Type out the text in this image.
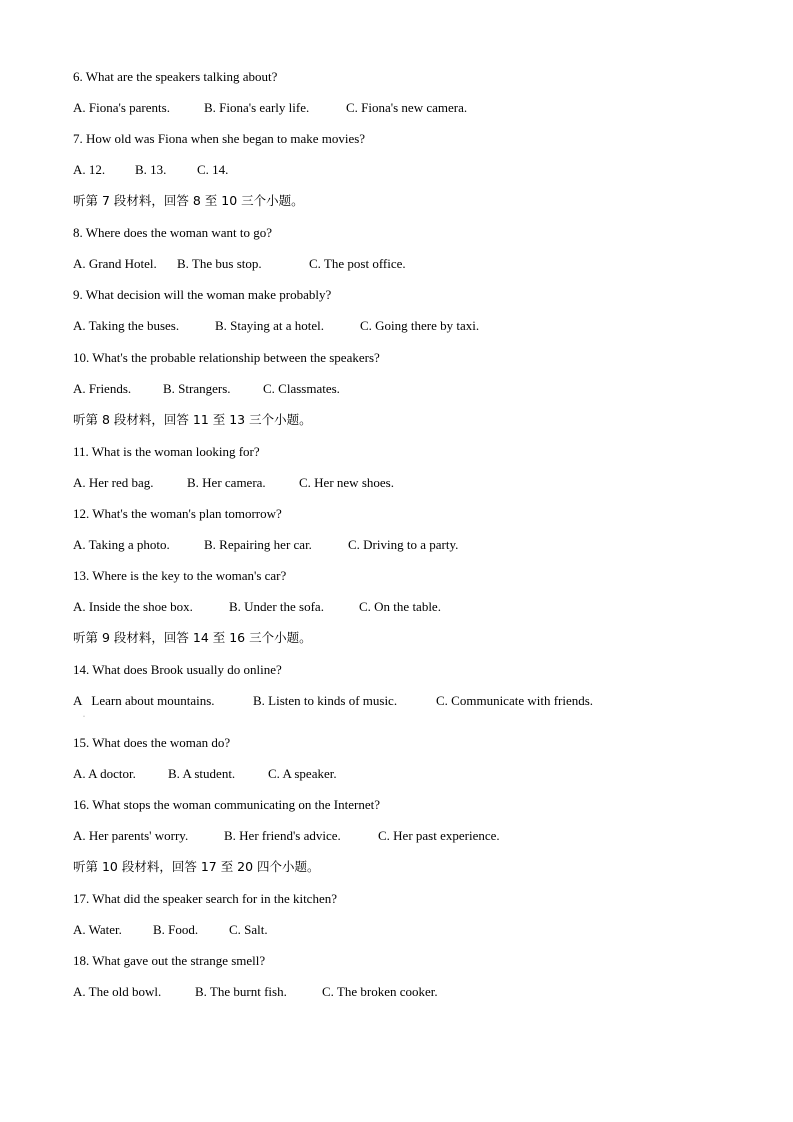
6. What are the speakers talking about?
A. Fiona's parents.	B. Fiona's early life.	C. Fiona's new camera.
7. How old was Fiona when she began to make movies?
A. 12. B. 13. C. 14.
听第 7 段材料，回答 8 至 10 三个小题。
8. Where does the woman want to go?
A. Grand Hotel. B. The bus stop.	C. The post office.
9. What decision will the woman make probably?
A. Taking the buses.	B. Staying at a hotel.	C. Going there by taxi.
10. What's the probable relationship between the speakers?
A. Friends. B. Strangers. C. Classmates.
听第 8 段材料，回答 11 至 13 三个小题。
11. What is the woman looking for?
A. Her red bag.	B. Her camera.	C. Her new shoes.
12. What's the woman's plan tomorrow?
A. Taking a photo.	B. Repairing her car.	C. Driving to a party.
13. Where is the key to the woman's car?
A. Inside the shoe box.	B. Under the sofa.	C. On the table.
听第 9 段材料，回答 14 至 16 三个小题。
14. What does Brook usually do online?
A   Learn about mountains.	B. Listen to kinds of music.	C. Communicate with friends.
·
15. What does the woman do?
A. A doctor. B. A student.	C. A speaker.
16. What stops the woman communicating on the Internet?
A. Her parents' worry.	B. Her friend's advice.	C. Her past experience.
听第 10 段材料，回答 17 至 20 四个小题。
17. What did the speaker search for in the kitchen?
A. Water. B. Food. C. Salt.
18. What gave out the strange smell?
A. The old bowl.	B. The burnt fish.	C. The broken cooker.
